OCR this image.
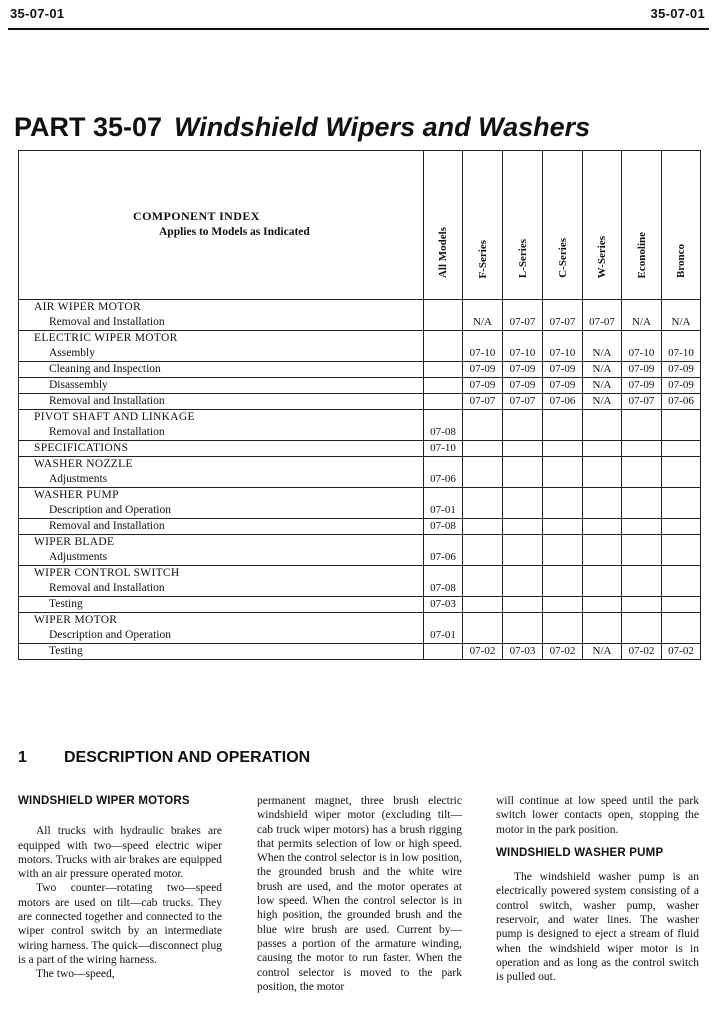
35-07-01	35-07-01
PART 35-07 Windshield Wipers and Washers
COMPONENT INDEX
Applies to Models as Indicated	All Models	F-Series	L-Series	C-Series	W-Series	Econoline	Bronco

AIR WIPER MOTOR
Removal and Installation		N/A	07-07	07-07	07-07	N/A	N/A

ELECTRIC WIPER MOTOR
Assembly		07-10	07-10	07-10	N/A	07-10	07-10

Cleaning and Inspection		07-09	07-09	07-09	N/A	07-09	07-09

Disassembly		07-09	07-09	07-09	N/A	07-09	07-09

Removal and Installation		07-07	07-07	07-06	N/A	07-07	07-06

PIVOT SHAFT AND LINKAGE
Removal and Installation	07-08						

SPECIFICATIONS	07-10						

WASHER NOZZLE
Adjustments	07-06						

WASHER PUMP
Description and Operation	07-01						

Removal and Installation	07-08						

WIPER BLADE
Adjustments	07-06						

WIPER CONTROL SWITCH
Removal and Installation	07-08						

Testing	07-03						

WIPER MOTOR
Description and Operation	07-01						

Testing		07-02	07-03	07-02	N/A	07-02	07-02
1 DESCRIPTION AND OPERATION
WINDSHIELD WIPER MOTORS

All trucks with hydraulic brakes are equipped with two—speed electric wiper motors. Trucks with air brakes are equipped with an air pressure operated motor.

Two counter—rotating two—speed motors are used on tilt—cab trucks. They are connected together and connected to the wiper control switch by an intermediate wiring harness. The quick—disconnect plug is a part of the wiring harness.

The two—speed,

permanent magnet, three brush electric windshield wiper motor (excluding tilt—cab truck wiper motors) has a brush rigging that permits selection of low or high speed. When the control selector is in low position, the grounded brush and the white wire brush are used, and the motor operates at low speed. When the control selector is in high position, the grounded brush and the blue wire brush are used. Current by—passes a portion of the armature winding, causing the motor to run faster. When the control selector is moved to the park position, the motor

will continue at low speed until the park switch lower contacts open, stopping the motor in the park position.

WINDSHIELD WASHER PUMP

The windshield washer pump is an electrically powered system consisting of a control switch, washer pump, washer reservoir, and water lines. The washer pump is designed to eject a stream of fluid when the windshield wiper motor is in operation and as long as the control switch is pulled out.
